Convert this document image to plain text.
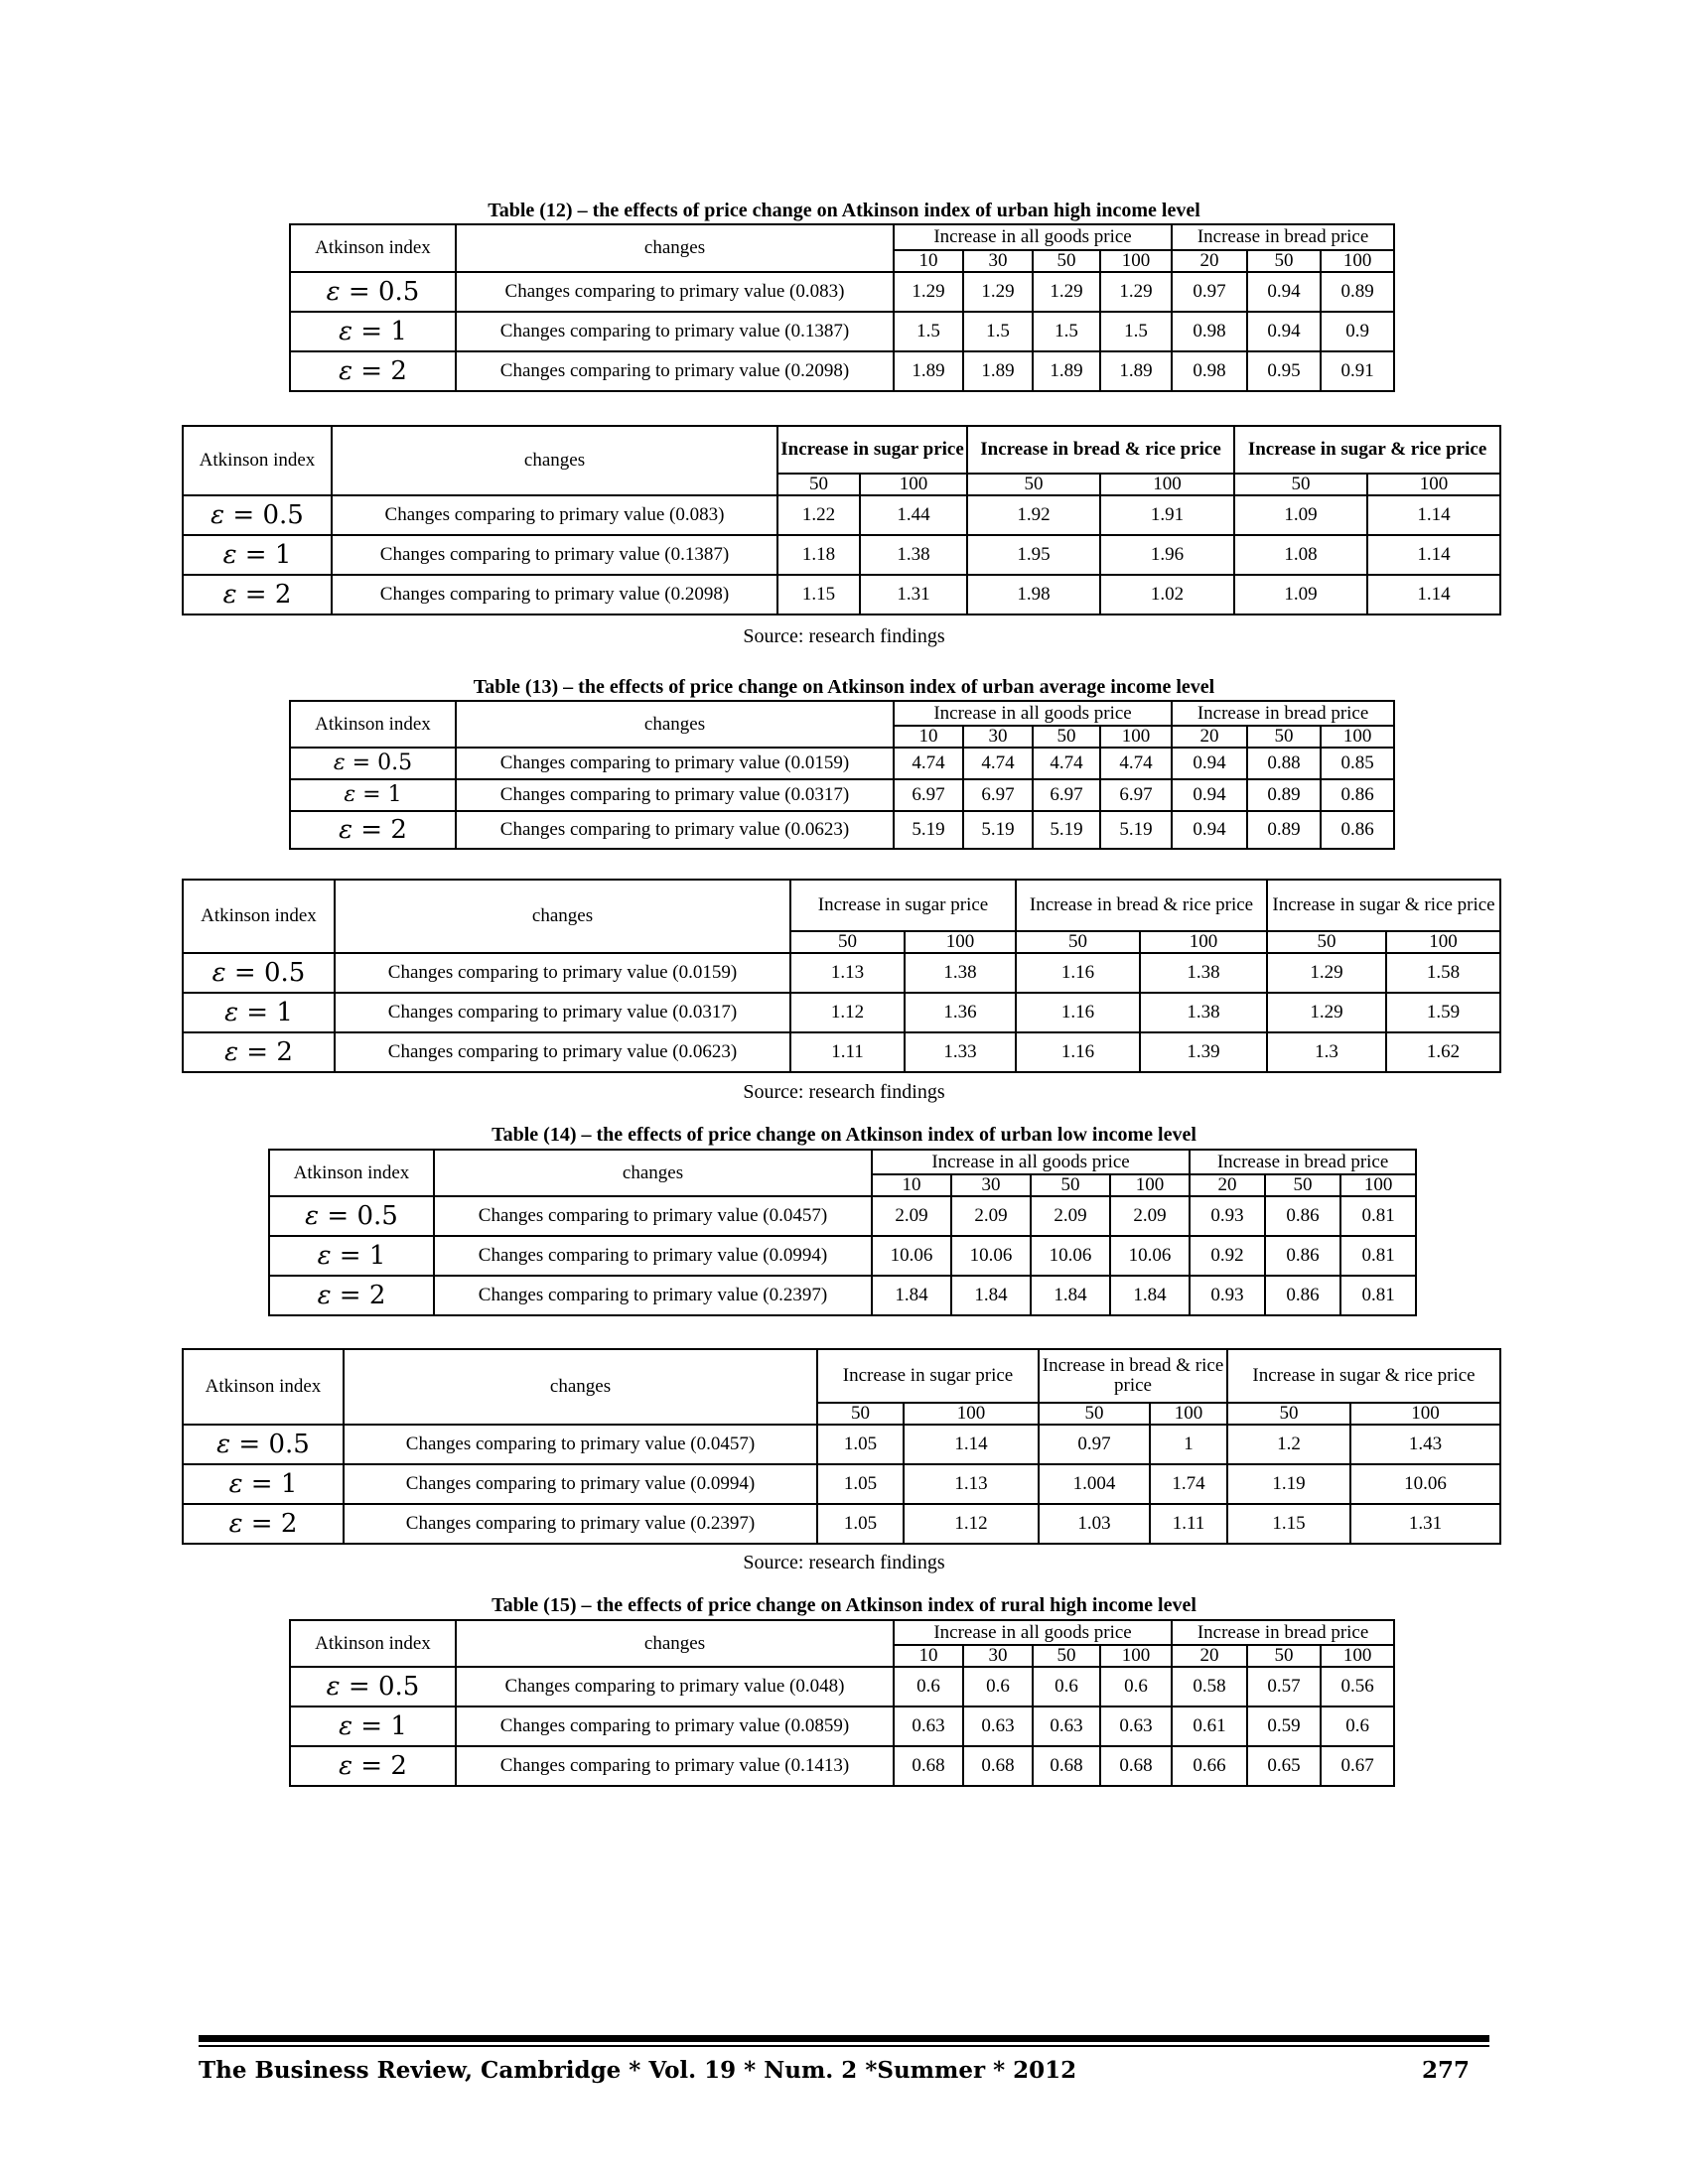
Table (12) – the effects of price change on Atkinson index of urban high income level
Atkinson index	changes	Increase in all goods price				Increase in bread price		
		10	30	50	100	20	50	100
ε = 0.5	Changes comparing to primary value (0.083)	1.29	1.29	1.29	1.29	0.97	0.94	0.89
ε = 1	Changes comparing to primary value (0.1387)	1.5	1.5	1.5	1.5	0.98	0.94	0.9
ε = 2	Changes comparing to primary value (0.2098)	1.89	1.89	1.89	1.89	0.98	0.95	0.91
Atkinson index	changes	Increase in sugar price		Increase in bread & rice price		Increase in sugar & rice price	
		50	100	50	100	50	100
ε = 0.5	Changes comparing to primary value (0.083)	1.22	1.44	1.92	1.91	1.09	1.14
ε = 1	Changes comparing to primary value (0.1387)	1.18	1.38	1.95	1.96	1.08	1.14
ε = 2	Changes comparing to primary value (0.2098)	1.15	1.31	1.98	1.02	1.09	1.14
Source: research findings
Table (13) – the effects of price change on Atkinson index of urban average income level
Atkinson index	changes	Increase in all goods price				Increase in bread price		
		10	30	50	100	20	50	100
ε = 0.5	Changes comparing to primary value (0.0159)	4.74	4.74	4.74	4.74	0.94	0.88	0.85
ε = 1	Changes comparing to primary value (0.0317)	6.97	6.97	6.97	6.97	0.94	0.89	0.86
ε = 2	Changes comparing to primary value (0.0623)	5.19	5.19	5.19	5.19	0.94	0.89	0.86
Atkinson index	changes	Increase in sugar price		Increase in bread & rice price		Increase in sugar & rice price	
		50	100	50	100	50	100
ε = 0.5	Changes comparing to primary value (0.0159)	1.13	1.38	1.16	1.38	1.29	1.58
ε = 1	Changes comparing to primary value (0.0317)	1.12	1.36	1.16	1.38	1.29	1.59
ε = 2	Changes comparing to primary value (0.0623)	1.11	1.33	1.16	1.39	1.3	1.62
Source: research findings
Table (14) – the effects of price change on Atkinson index of urban low income level
Atkinson index	changes	Increase in all goods price				Increase in bread price		
		10	30	50	100	20	50	100
ε = 0.5	Changes comparing to primary value (0.0457)	2.09	2.09	2.09	2.09	0.93	0.86	0.81
ε = 1	Changes comparing to primary value (0.0994)	10.06	10.06	10.06	10.06	0.92	0.86	0.81
ε = 2	Changes comparing to primary value (0.2397)	1.84	1.84	1.84	1.84	0.93	0.86	0.81
Atkinson index	changes	Increase in sugar price		Increase in bread & rice price		Increase in sugar & rice price	
		50	100	50	100	50	100
ε = 0.5	Changes comparing to primary value (0.0457)	1.05	1.14	0.97	1	1.2	1.43
ε = 1	Changes comparing to primary value (0.0994)	1.05	1.13	1.004	1.74	1.19	10.06
ε = 2	Changes comparing to primary value (0.2397)	1.05	1.12	1.03	1.11	1.15	1.31
Source: research findings
Table (15) – the effects of price change on Atkinson index of rural high income level
Atkinson index	changes	Increase in all goods price				Increase in bread price		
		10	30	50	100	20	50	100
ε = 0.5	Changes comparing to primary value (0.048)	0.6	0.6	0.6	0.6	0.58	0.57	0.56
ε = 1	Changes comparing to primary value (0.0859)	0.63	0.63	0.63	0.63	0.61	0.59	0.6
ε = 2	Changes comparing to primary value (0.1413)	0.68	0.68	0.68	0.68	0.66	0.65	0.67
The Business Review, Cambridge * Vol. 19 * Num. 2 *Summer * 2012	277
